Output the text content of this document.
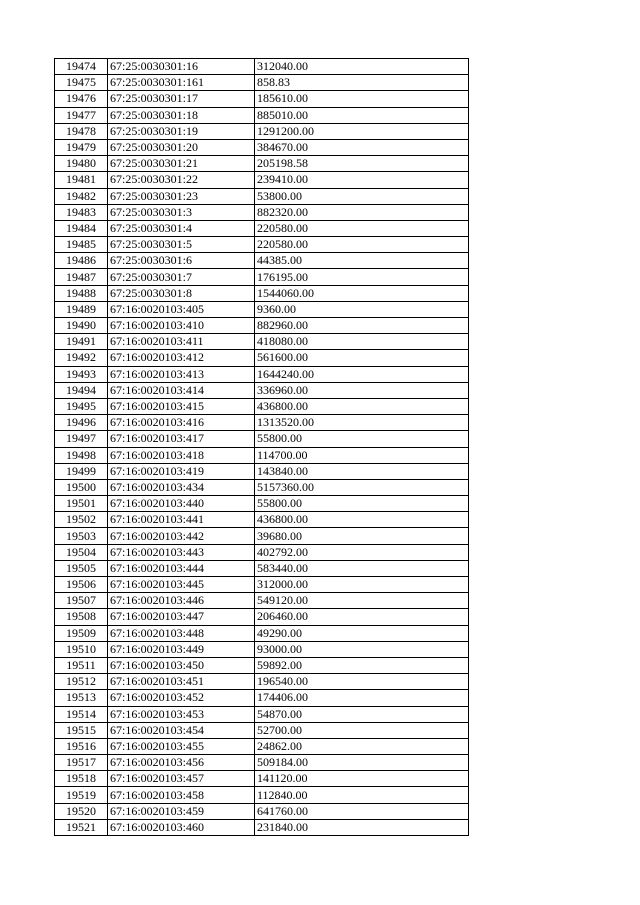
19474	67:25:0030301:16	312040.00
19475	67:25:0030301:161	858.83
19476	67:25:0030301:17	185610.00
19477	67:25:0030301:18	885010.00
19478	67:25:0030301:19	1291200.00
19479	67:25:0030301:20	384670.00
19480	67:25:0030301:21	205198.58
19481	67:25:0030301:22	239410.00
19482	67:25:0030301:23	53800.00
19483	67:25:0030301:3	882320.00
19484	67:25:0030301:4	220580.00
19485	67:25:0030301:5	220580.00
19486	67:25:0030301:6	44385.00
19487	67:25:0030301:7	176195.00
19488	67:25:0030301:8	1544060.00
19489	67:16:0020103:405	9360.00
19490	67:16:0020103:410	882960.00
19491	67:16:0020103:411	418080.00
19492	67:16:0020103:412	561600.00
19493	67:16:0020103:413	1644240.00
19494	67:16:0020103:414	336960.00
19495	67:16:0020103:415	436800.00
19496	67:16:0020103:416	1313520.00
19497	67:16:0020103:417	55800.00
19498	67:16:0020103:418	114700.00
19499	67:16:0020103:419	143840.00
19500	67:16:0020103:434	5157360.00
19501	67:16:0020103:440	55800.00
19502	67:16:0020103:441	436800.00
19503	67:16:0020103:442	39680.00
19504	67:16:0020103:443	402792.00
19505	67:16:0020103:444	583440.00
19506	67:16:0020103:445	312000.00
19507	67:16:0020103:446	549120.00
19508	67:16:0020103:447	206460.00
19509	67:16:0020103:448	49290.00
19510	67:16:0020103:449	93000.00
19511	67:16:0020103:450	59892.00
19512	67:16:0020103:451	196540.00
19513	67:16:0020103:452	174406.00
19514	67:16:0020103:453	54870.00
19515	67:16:0020103:454	52700.00
19516	67:16:0020103:455	24862.00
19517	67:16:0020103:456	509184.00
19518	67:16:0020103:457	141120.00
19519	67:16:0020103:458	112840.00
19520	67:16:0020103:459	641760.00
19521	67:16:0020103:460	231840.00
